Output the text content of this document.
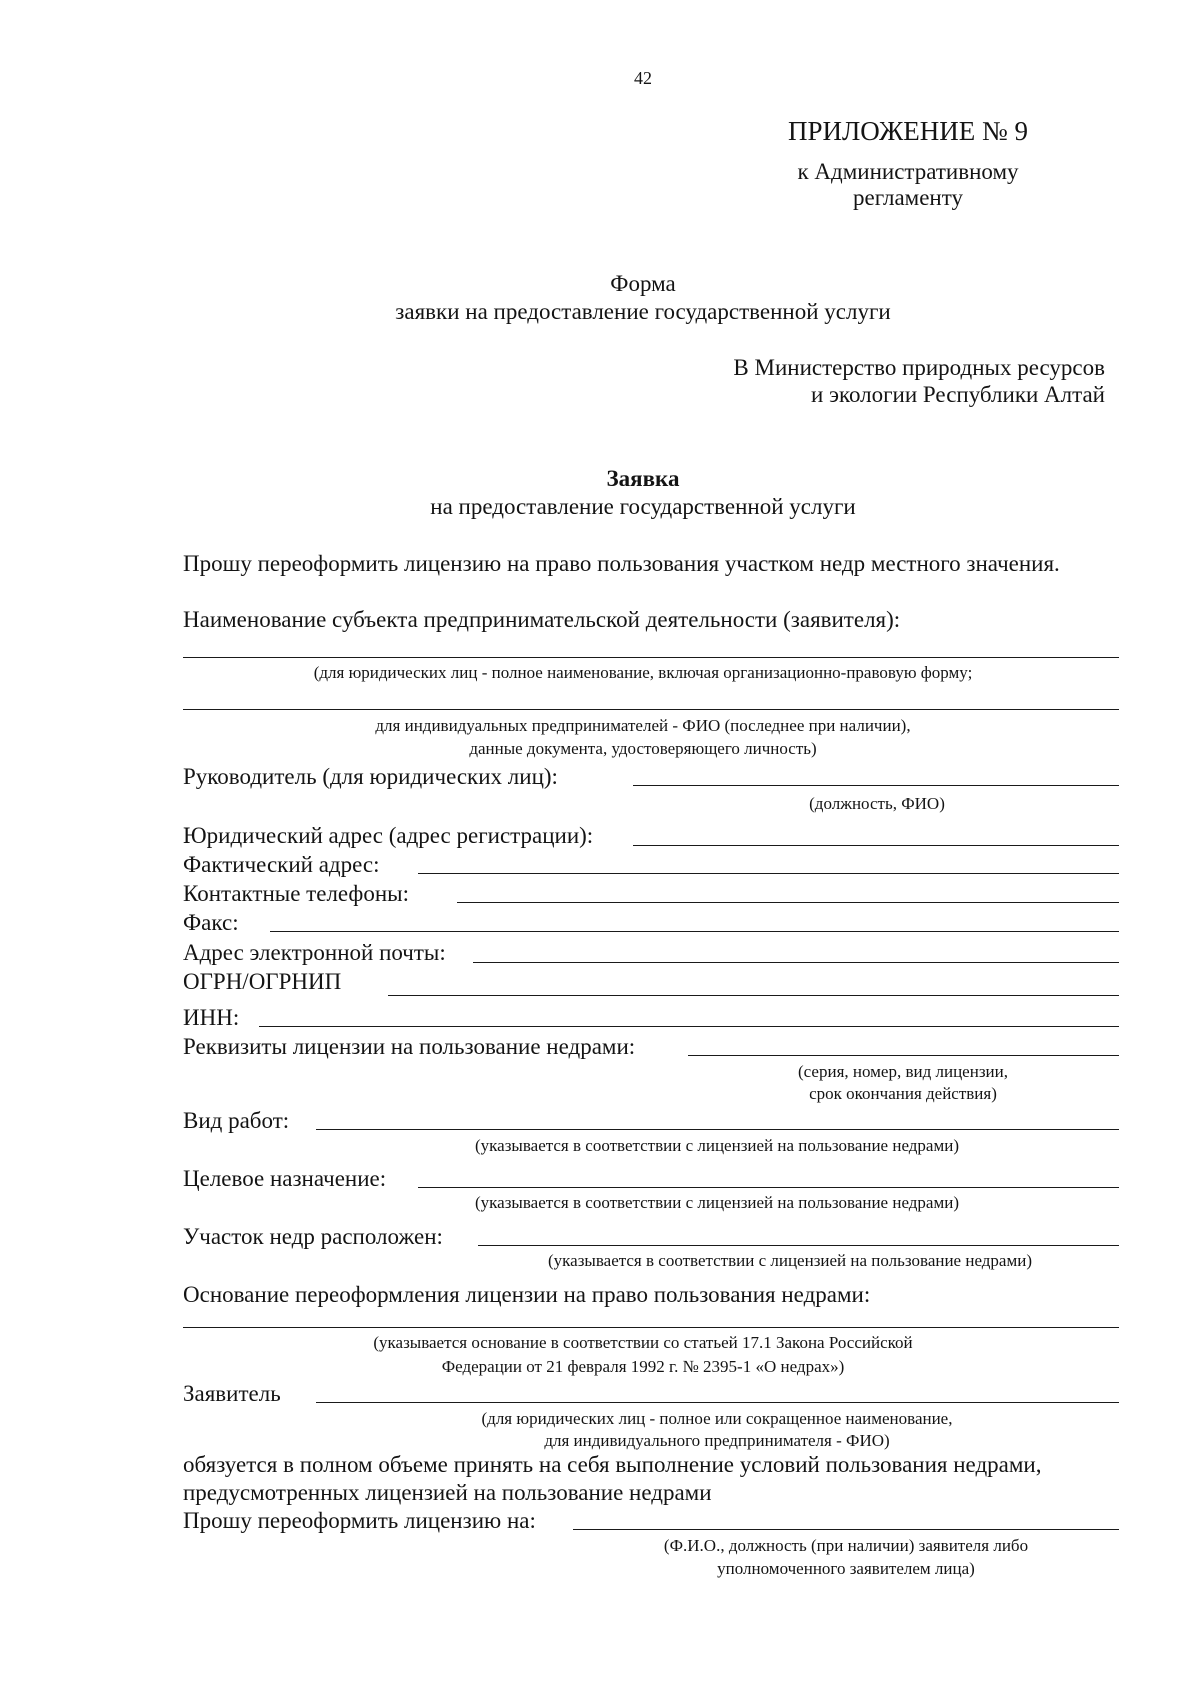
42
ПРИЛОЖЕНИЕ № 9
к Административному
регламенту
Форма
заявки на предоставление государственной услуги
В Министерство природных ресурсов
и экологии Республики Алтай
Заявка
на предоставление государственной услуги
Прошу переоформить лицензию на право пользования участком недр местного значения.
Наименование субъекта предпринимательской деятельности (заявителя):
(для юридических лиц - полное наименование, включая организационно-правовую форму;
для индивидуальных предпринимателей - ФИО (последнее при наличии),
данные документа, удостоверяющего личность)
Руководитель (для юридических лиц):
(должность, ФИО)
Юридический адрес (адрес регистрации):
Фактический адрес:
Контактные телефоны:
Факс:
Адрес электронной почты:
ОГРН/ОГРНИП
ИНН:
Реквизиты лицензии на пользование недрами:
(серия, номер, вид лицензии,
срок окончания действия)
Вид работ:
(указывается в соответствии с лицензией на пользование недрами)
Целевое назначение:
(указывается в соответствии с лицензией на пользование недрами)
Участок недр расположен:
(указывается в соответствии с лицензией на пользование недрами)
Основание переоформления лицензии на право пользования недрами:
(указывается основание в соответствии со статьей 17.1 Закона Российской
Федерации от 21 февраля 1992 г. № 2395-1 «О недрах»)
Заявитель
(для юридических лиц - полное или сокращенное наименование,
для индивидуального предпринимателя - ФИО)
обязуется в полном объеме принять на себя выполнение условий пользования недрами,
предусмотренных лицензией на пользование недрами
Прошу переоформить лицензию на:
(Ф.И.О., должность (при наличии) заявителя либо
уполномоченного заявителем лица)
